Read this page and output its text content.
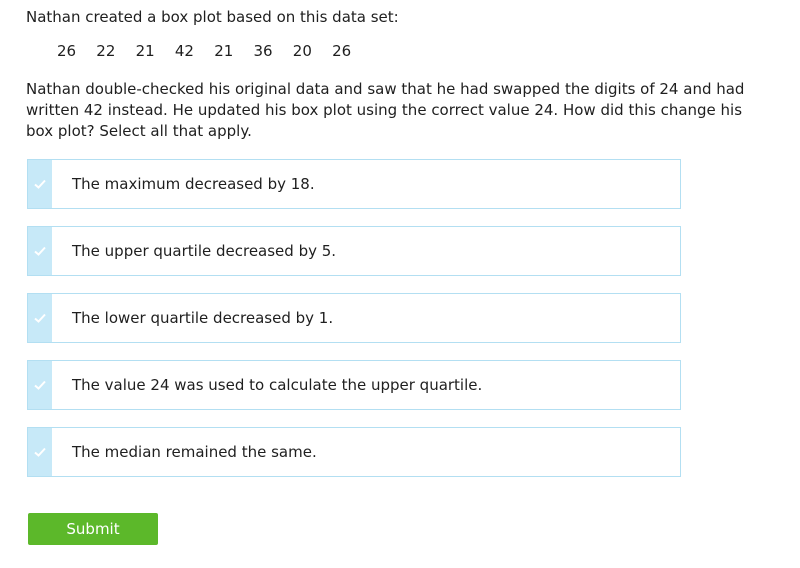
Nathan created a box plot based on this data set:

26	22	21	42	21	36	20	26

Nathan double-checked his original data and saw that he had swapped the digits of 24 and had written 42 instead. He updated his box plot using the correct value 24. How did this change his box plot? Select all that apply.

The maximum decreased by 18.
The upper quartile decreased by 5.
The lower quartile decreased by 1.
The value 24 was used to calculate the upper quartile.
The median remained the same.
Submit
